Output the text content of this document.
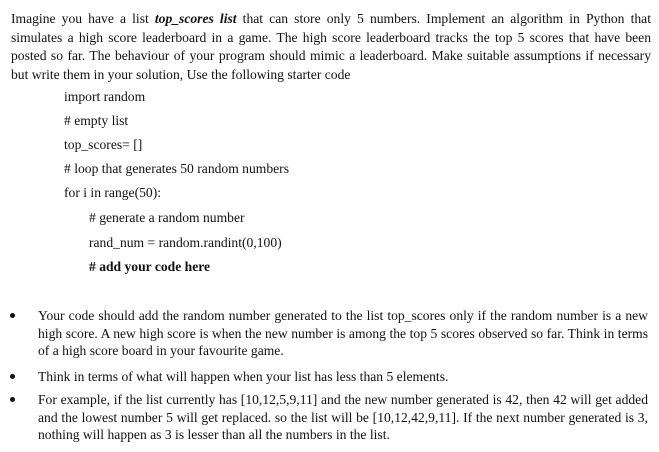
Imagine you have a list top_scores list that can store only 5 numbers. Implement an algorithm in Python that simulates a high score leaderboard in a game. The high score leaderboard tracks the top 5 scores that have been posted so far. The behaviour of your program should mimic a leaderboard. Make suitable assumptions if necessary but write them in your solution, Use the following starter code

import random
# empty list
top_scores= []
# loop that generates 50 random numbers
for i in range(50):
# generate a random number
rand_num = random.randint(0,100)
# add your code here

Your code should add the random number generated to the list top_scores only if the random number is a new high score. A new high score is when the new number is among the top 5 scores observed so far. Think in terms of a high score board in your favourite game.

Think in terms of what will happen when your list has less than 5 elements.

For example, if the list currently has [10,12,5,9,11] and the new number generated is 42, then 42 will get added and the lowest number 5 will get replaced. so the list will be [10,12,42,9,11]. If the next number generated is 3, nothing will happen as 3 is lesser than all the numbers in the list.
